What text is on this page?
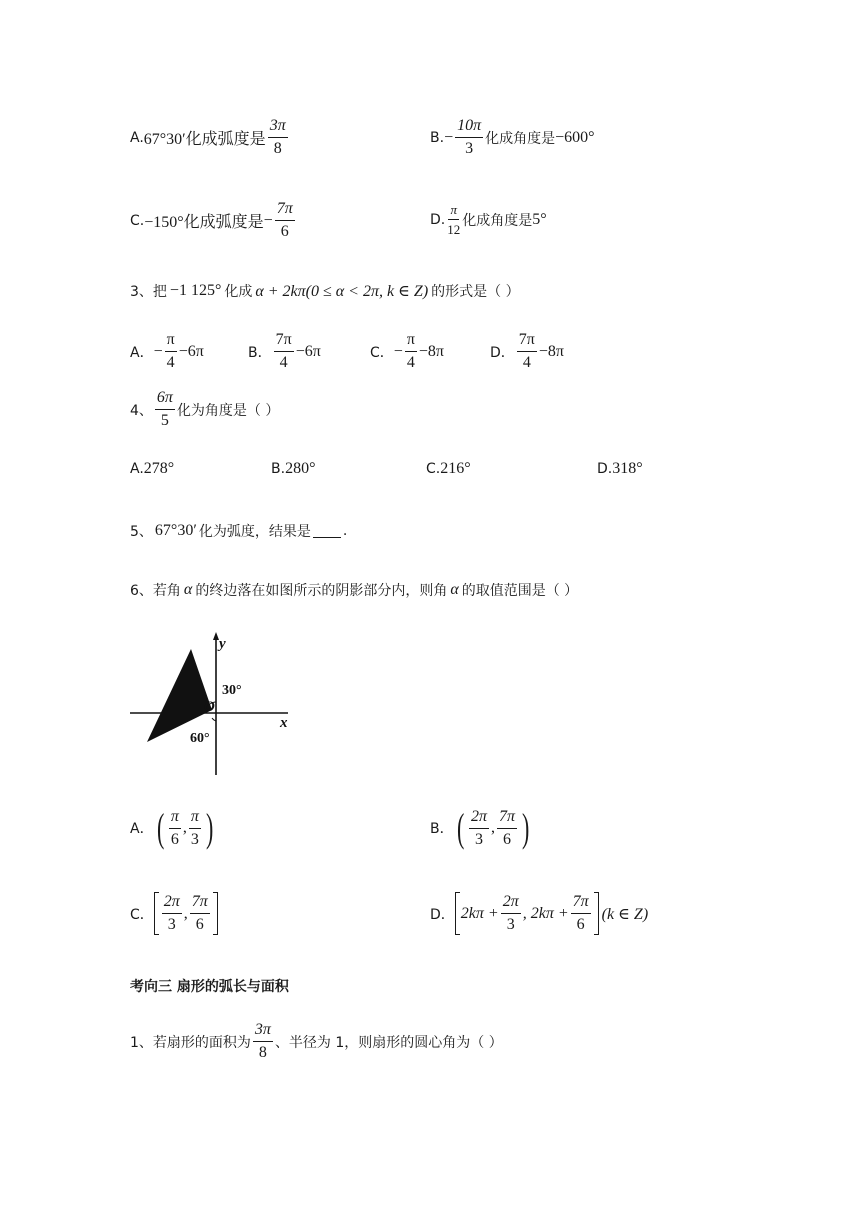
A. 67°30′化成弧度是 $\frac{3\pi}{8}$	B. − $\frac{10\pi}{3}$ 化成角度是 −600°
C. −150°化成弧度是 − $\frac{7\pi}{6}$	D. $\frac{\pi}{12}$ 化成角度是 5°
3、把 −1 125° 化成 α + 2kπ(0 ≤ α < 2π, k ∈ Z) 的形式是（ ）
A． − $\frac{\pi}{4} -6\pi$	B． $\frac{7\pi}{4} -6\pi$	C． − $\frac{\pi}{4} -8\pi$	D． $\frac{7\pi}{4} -8\pi$
4、 $\frac{6\pi}{5}$ 化为角度是（ ）
A. 278°	B. 280°	C. 216°	D. 318°
5、 67°30′ 化为弧度，结果是 .
6、若角 α 的终边落在如图所示的阴影部分内，则角 α 的取值范围是（ ）
y
x
O
30°
60°
A． ( $\frac{\pi}{6}$ , $\frac{\pi}{3}$ )	B． ( $\frac{2\pi}{3}$ , $\frac{7\pi}{6}$ )
C． $\frac{2\pi}{3}$ , $\frac{7\pi}{6}$	D． $2k\pi + \frac{2\pi}{3}$ , $2k\pi + \frac{7\pi}{6} (k$ ∈ Z)
考向三 扇形的弧长与面积
1、若扇形的面积为 $\frac{3\pi}{8}$ 、半径为 1，则扇形的圆心角为（ ）
